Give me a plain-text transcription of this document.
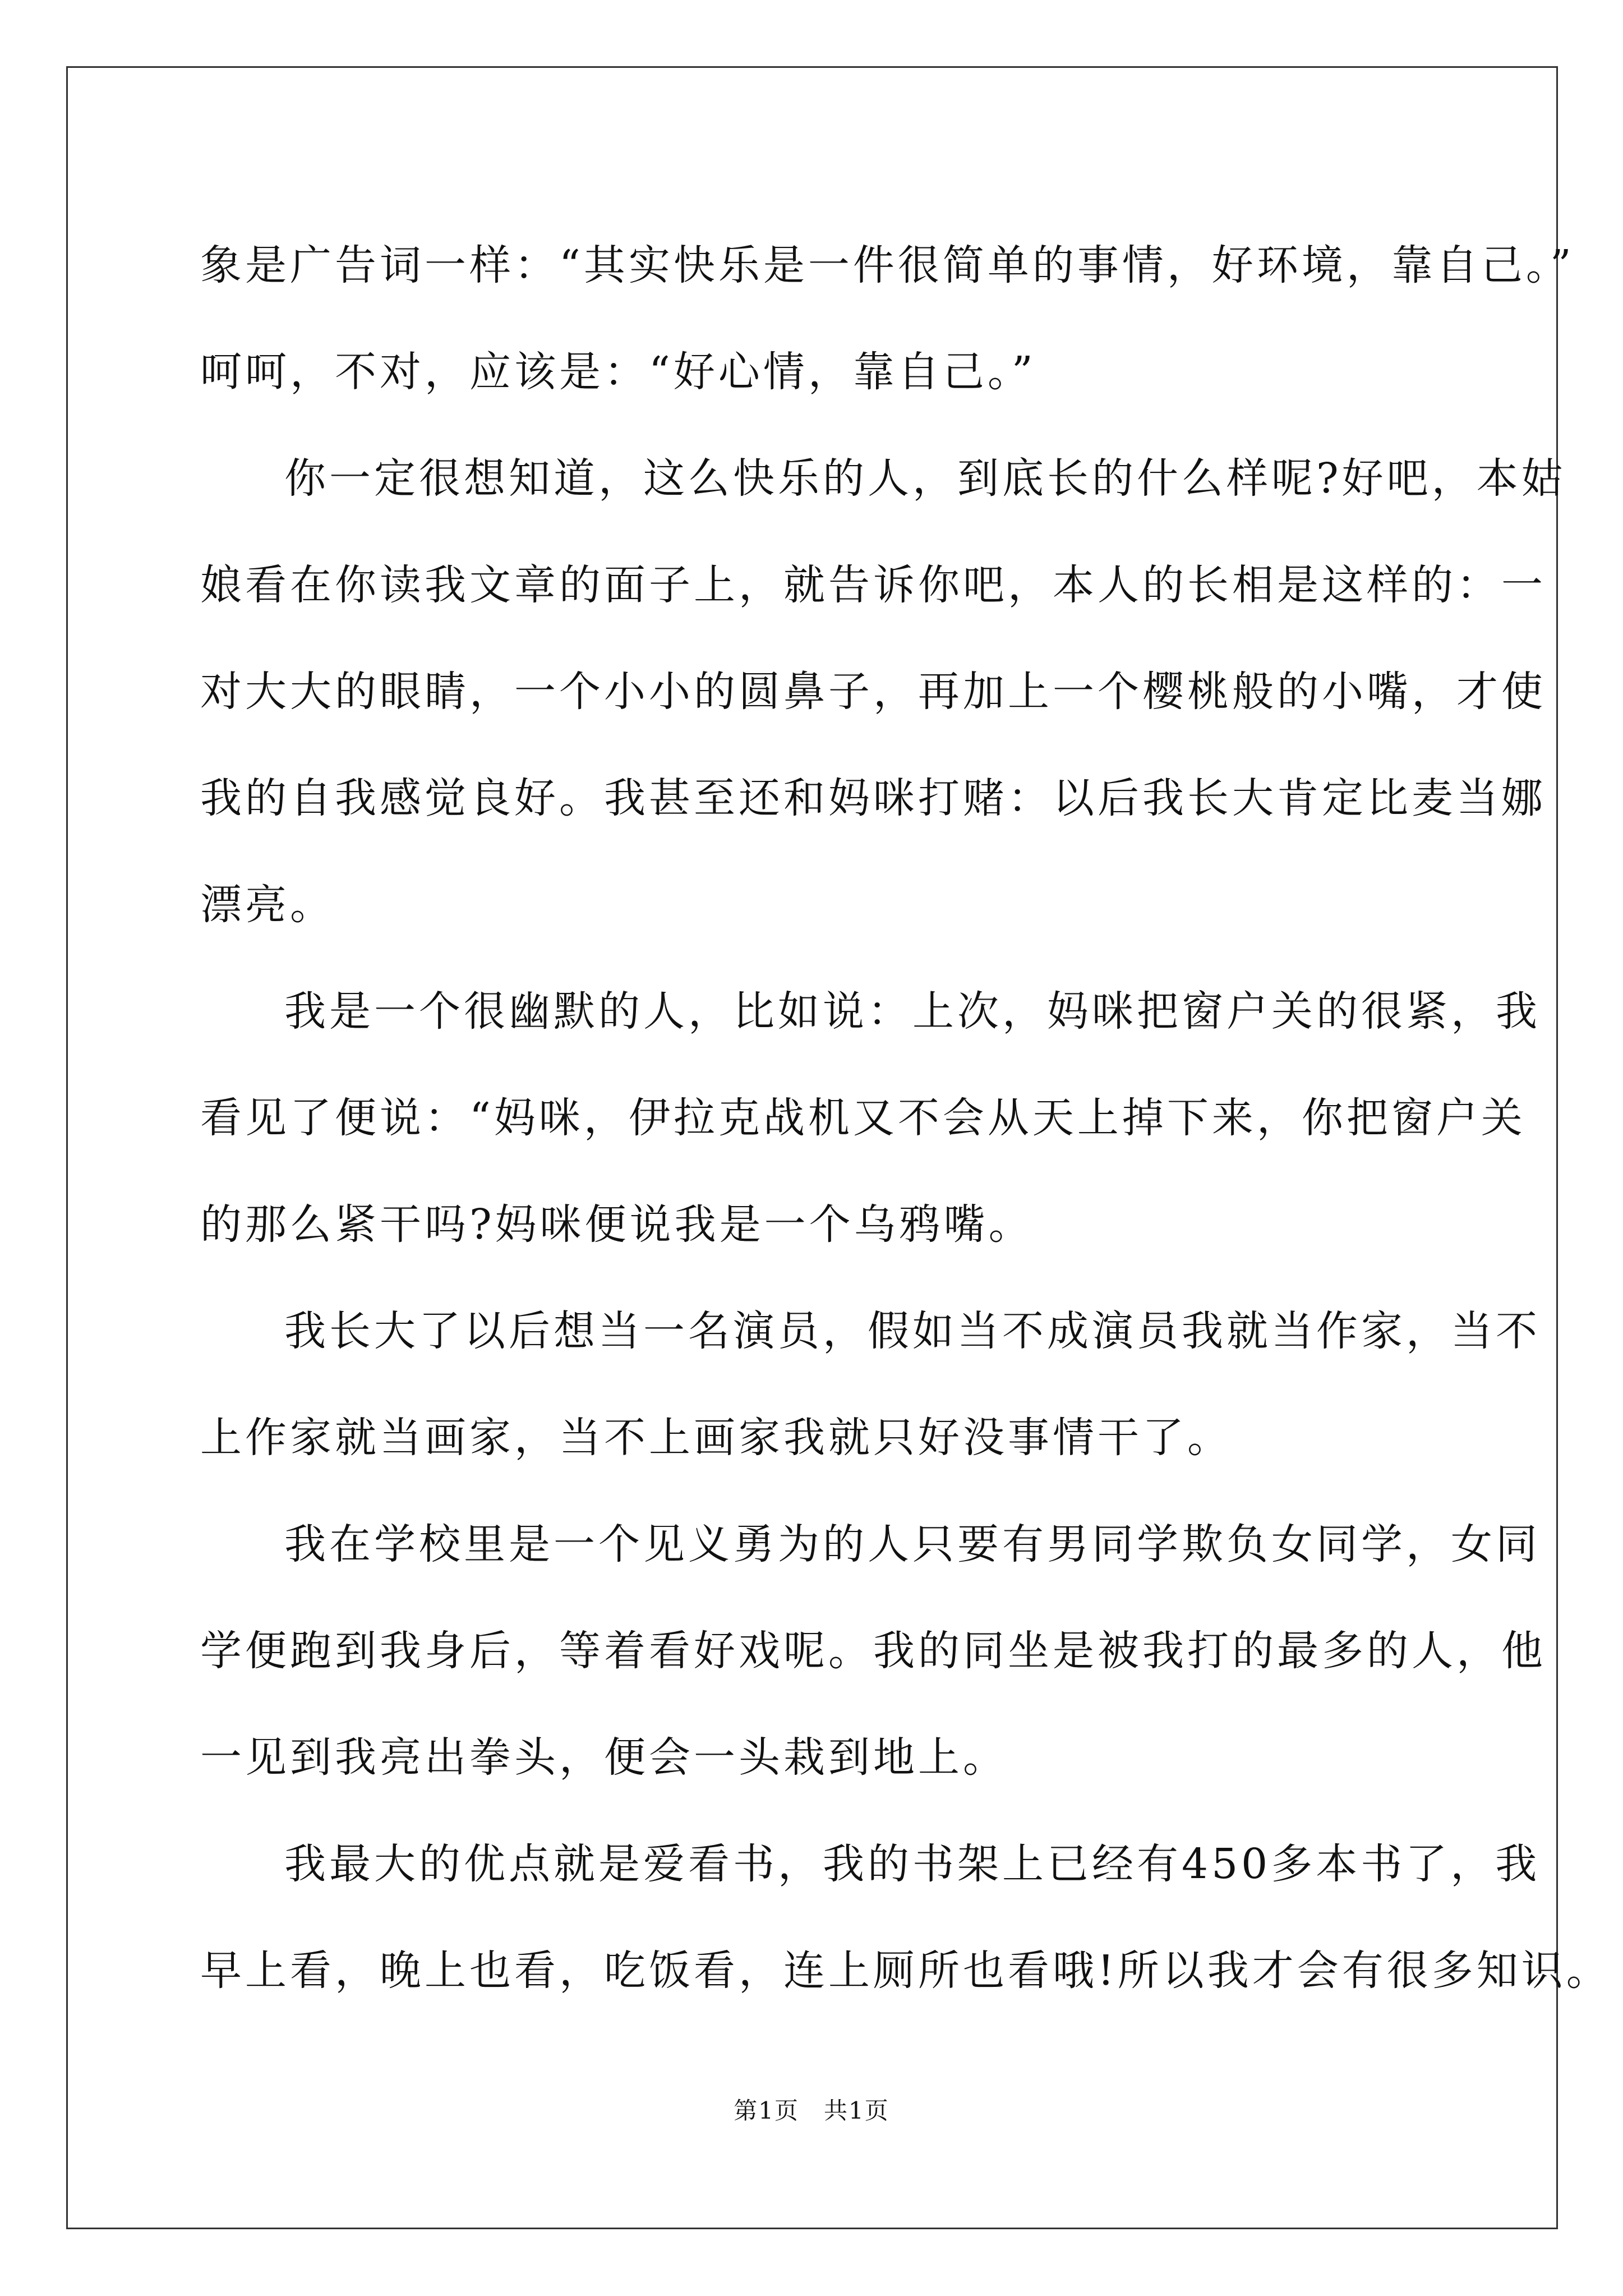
象是广告词一样：“其实快乐是一件很简单的事情，好环境，靠自己。”
呵呵，不对，应该是：“好心情，靠自己。”
你一定很想知道，这么快乐的人，到底长的什么样呢?好吧，本姑
娘看在你读我文章的面子上，就告诉你吧，本人的长相是这样的：一
对大大的眼睛，一个小小的圆鼻子，再加上一个樱桃般的小嘴，才使
我的自我感觉良好。我甚至还和妈咪打赌：以后我长大肯定比麦当娜
漂亮。
我是一个很幽默的人，比如说：上次，妈咪把窗户关的很紧，我
看见了便说：“妈咪，伊拉克战机又不会从天上掉下来，你把窗户关
的那么紧干吗?妈咪便说我是一个乌鸦嘴。
我长大了以后想当一名演员，假如当不成演员我就当作家，当不
上作家就当画家，当不上画家我就只好没事情干了。
我在学校里是一个见义勇为的人只要有男同学欺负女同学，女同
学便跑到我身后，等着看好戏呢。我的同坐是被我打的最多的人，他
一见到我亮出拳头，便会一头栽到地上。
我最大的优点就是爱看书，我的书架上已经有450多本书了，我
早上看，晚上也看，吃饭看，连上厕所也看哦!所以我才会有很多知识。
第1页　共1页
